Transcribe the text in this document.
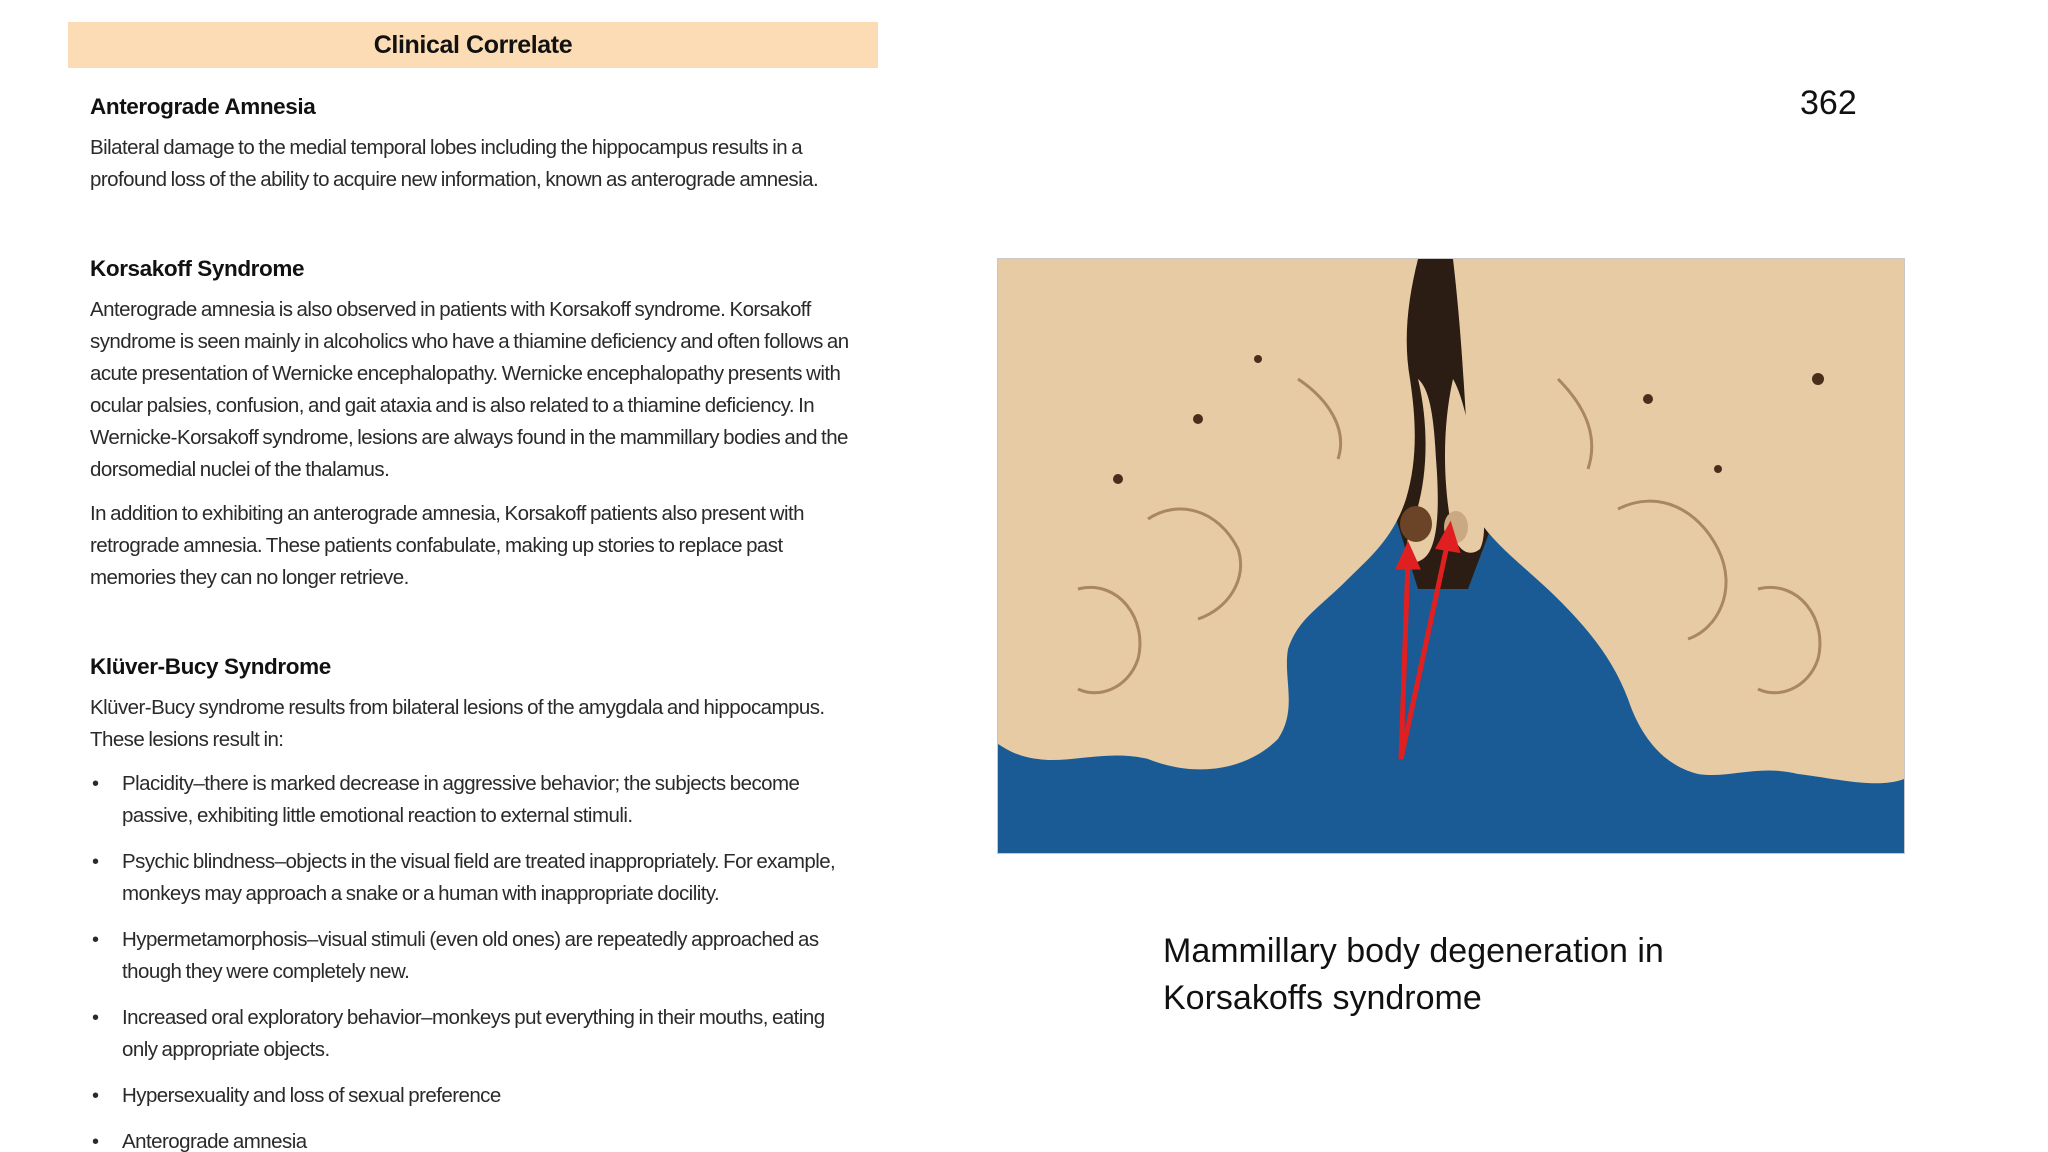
Clinical Correlate
Anterograde Amnesia

Bilateral damage to the medial temporal lobes including the hippocampus results in a profound loss of the ability to acquire new information, known as anterograde amnesia.

Korsakoff Syndrome

Anterograde amnesia is also observed in patients with Korsakoff syndrome. Korsakoff syndrome is seen mainly in alcoholics who have a thiamine deficiency and often follows an acute presentation of Wernicke encephalopathy. Wernicke encephalopathy presents with ocular palsies, confusion, and gait ataxia and is also related to a thiamine deficiency. In Wernicke-Korsakoff syndrome, lesions are always found in the mammillary bodies and the dorsomedial nuclei of the thalamus.

In addition to exhibiting an anterograde amnesia, Korsakoff patients also present with retrograde amnesia. These patients confabulate, making up stories to replace past memories they can no longer retrieve.

Klüver-Bucy Syndrome

Klüver-Bucy syndrome results from bilateral lesions of the amygdala and hippocampus. These lesions result in:

• Placidity–there is marked decrease in aggressive behavior; the subjects become passive, exhibiting little emotional reaction to external stimuli.
• Psychic blindness–objects in the visual field are treated inappropriately. For example, monkeys may approach a snake or a human with inappropriate docility.
• Hypermetamorphosis–visual stimuli (even old ones) are repeatedly approached as though they were completely new.
• Increased oral exploratory behavior–monkeys put everything in their mouths, eating only appropriate objects.
• Hypersexuality and loss of sexual preference
• Anterograde amnesia
362
Mammillary body degeneration in
Korsakoffs syndrome
